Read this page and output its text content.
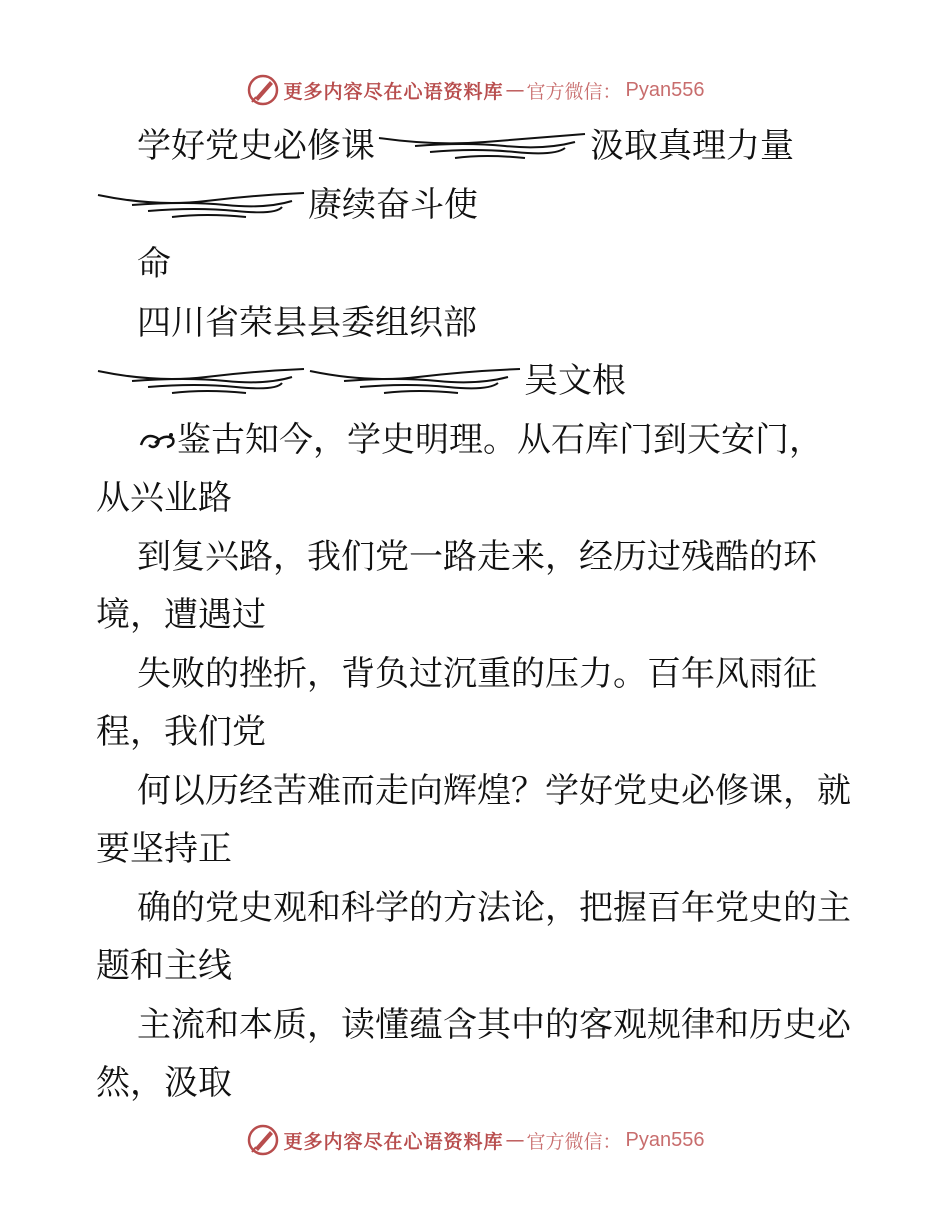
更多内容尽在心语资料库 — 官方微信： Pyan556
学好党史必修课	汲取真理力量
赓续奋斗使
命
四川省荣县县委组织部
吴文根
鉴古知今，学史明理。从石库门到天安门，
从兴业路
到复兴路，我们党一路走来，经历过残酷的环
境，遭遇过
失败的挫折，背负过沉重的压力。百年风雨征
程，我们党
何以历经苦难而走向辉煌？学好党史必修课，就
要坚持正
确的党史观和科学的方法论，把握百年党史的主
题和主线
主流和本质，读懂蕴含其中的客观规律和历史必
然，汲取
更多内容尽在心语资料库 — 官方微信： Pyan556
